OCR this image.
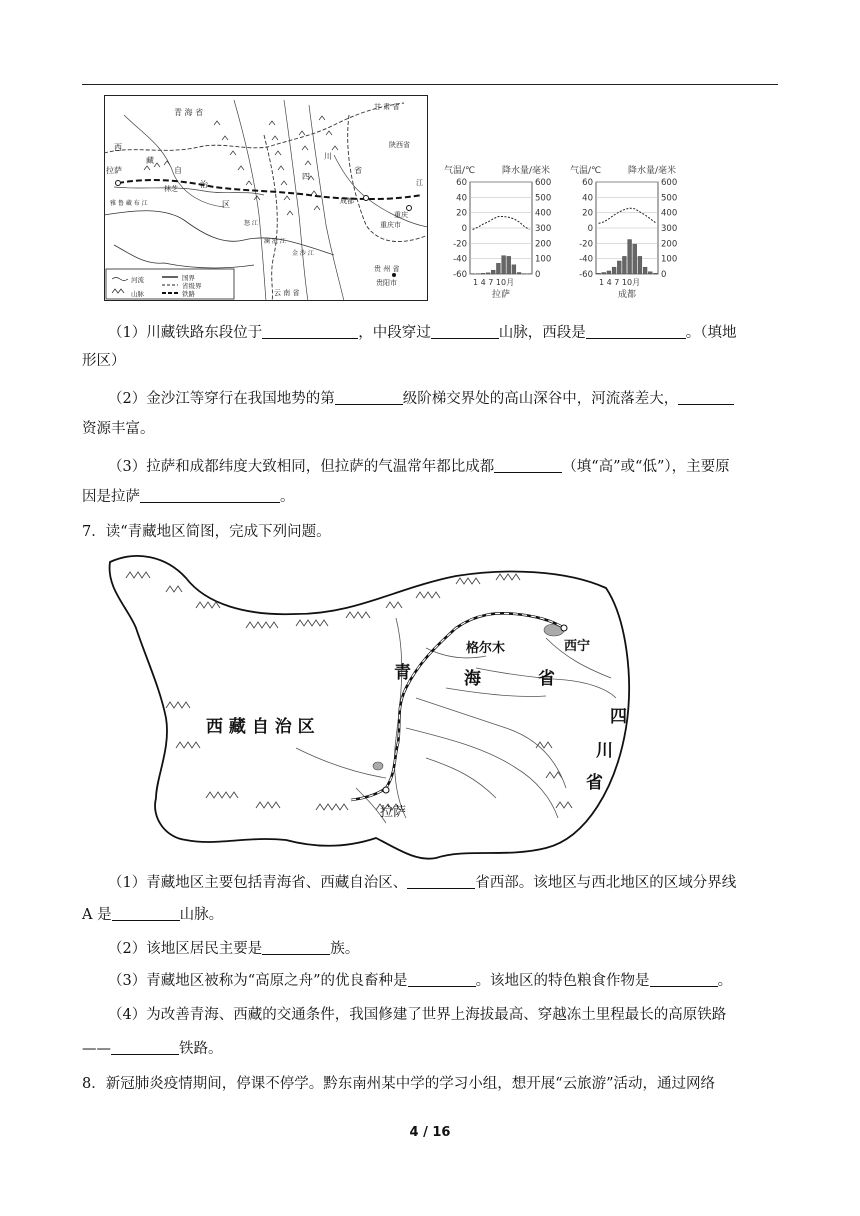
青 海 省
甘 肃 省
陕西省
西
拉萨
藏
自
林芝	治
区
雅 鲁 藏 布 江
怒 江
澜 沧 江
金 沙 江
四
川
成都
省
重庆市
重庆
云 南 省
贵 州 省
贵阳市
江
河流	国界
省级界
山脉	铁路
气温/℃	降水量/毫米
60
40
20
0
-20
-40
-60
600
500
400
300
200
100
0
1 4 7 10月
拉萨
气温/℃	降水量/毫米
60
40
20
0
-20
-40
-60
600
500
400
300
200
100
0
1 4 7 10月
成都
（1）川藏铁路东段位于	，中段穿过	山脉，西段是	。（填地
形区）
（2）金沙江等穿行在我国地势的第	级阶梯交界处的高山深谷中，河流落差大，
资源丰富。
（3）拉萨和成都纬度大致相同，但拉萨的气温常年都比成都	（填“高”或“低”），主要原
因是拉萨	。
7．读“青藏地区简图，完成下列问题。
西 藏 自 治 区
青	海	省
格尔木	西宁
四
川
省
拉萨
（1）青藏地区主要包括青海省、西藏自治区、	省西部。该地区与西北地区的区域分界线
A 是	山脉。
（2）该地区居民主要是	族。
（3）青藏地区被称为“高原之舟”的优良畜种是	。该地区的特色粮食作物是	。
（4）为改善青海、西藏的交通条件，我国修建了世界上海拔最高、穿越冻土里程最长的高原铁路
——	铁路。
8．新冠肺炎疫情期间，停课不停学。黔东南州某中学的学习小组，想开展“云旅游”活动，通过网络
4 / 16
